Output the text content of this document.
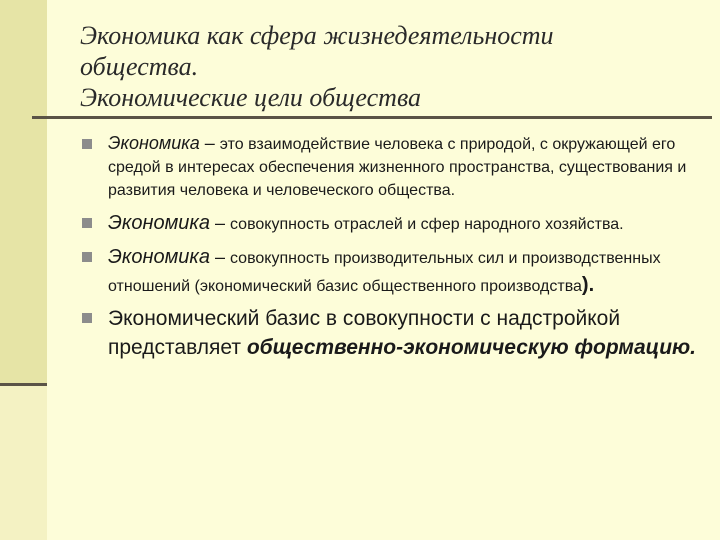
Экономика как сфера жизнедеятельности
общества.
Экономические цели общества
Экономика – это взаимодействие человека с природой, с окружающей его средой в интересах обеспечения жизненного пространства, существования и развития человека и человеческого общества.
Экономика – совокупность отраслей и сфер народного хозяйства.
Экономика – совокупность производительных сил и производственных отношений (экономический базис общественного производства).
Экономический базис в совокупности с надстройкой представляет общественно-экономическую формацию.
